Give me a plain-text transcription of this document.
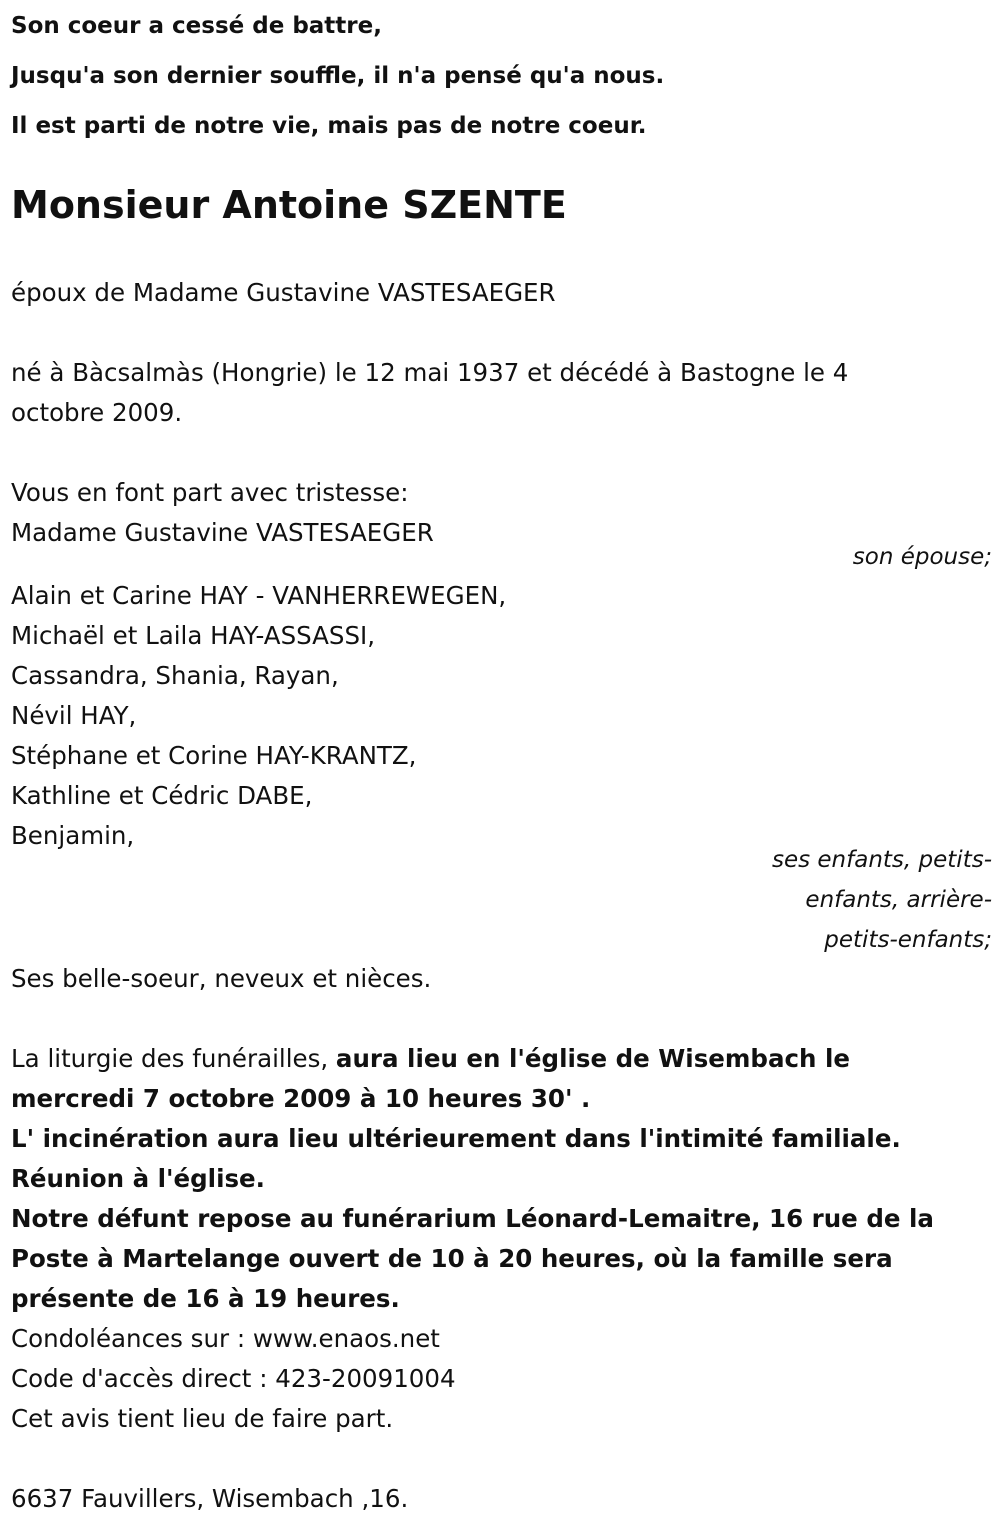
Son coeur a cessé de battre,
Jusqu'a son dernier souffle, il n'a pensé qu'a nous.
Il est parti de notre vie, mais pas de notre coeur.
Monsieur Antoine SZENTE
époux de Madame Gustavine VASTESAEGER
né à Bàcsalmàs (Hongrie) le 12 mai 1937 et décédé à Bastogne le 4
octobre 2009.
Vous en font part avec tristesse:
Madame Gustavine VASTESAEGER
son épouse;
Alain et Carine HAY - VANHERREWEGEN,
Michaël et Laila HAY-ASSASSI,
Cassandra, Shania, Rayan,
Névil HAY,
Stéphane et Corine HAY-KRANTZ,
Kathline et Cédric DABE,
Benjamin,
ses enfants, petits-
enfants, arrière-
petits-enfants;
Ses belle-soeur, neveux et nièces.
La liturgie des funérailles, aura lieu en l'église de Wisembach le
mercredi 7 octobre 2009 à 10 heures 30' .
L' incinération aura lieu ultérieurement dans l'intimité familiale.
Réunion à l'église.
Notre défunt repose au funérarium Léonard-Lemaitre, 16 rue de la
Poste à Martelange ouvert de 10 à 20 heures, où la famille sera
présente de 16 à 19 heures.
Condoléances sur : www.enaos.net
Code d'accès direct : 423-20091004
Cet avis tient lieu de faire part.
6637 Fauvillers, Wisembach ,16.
